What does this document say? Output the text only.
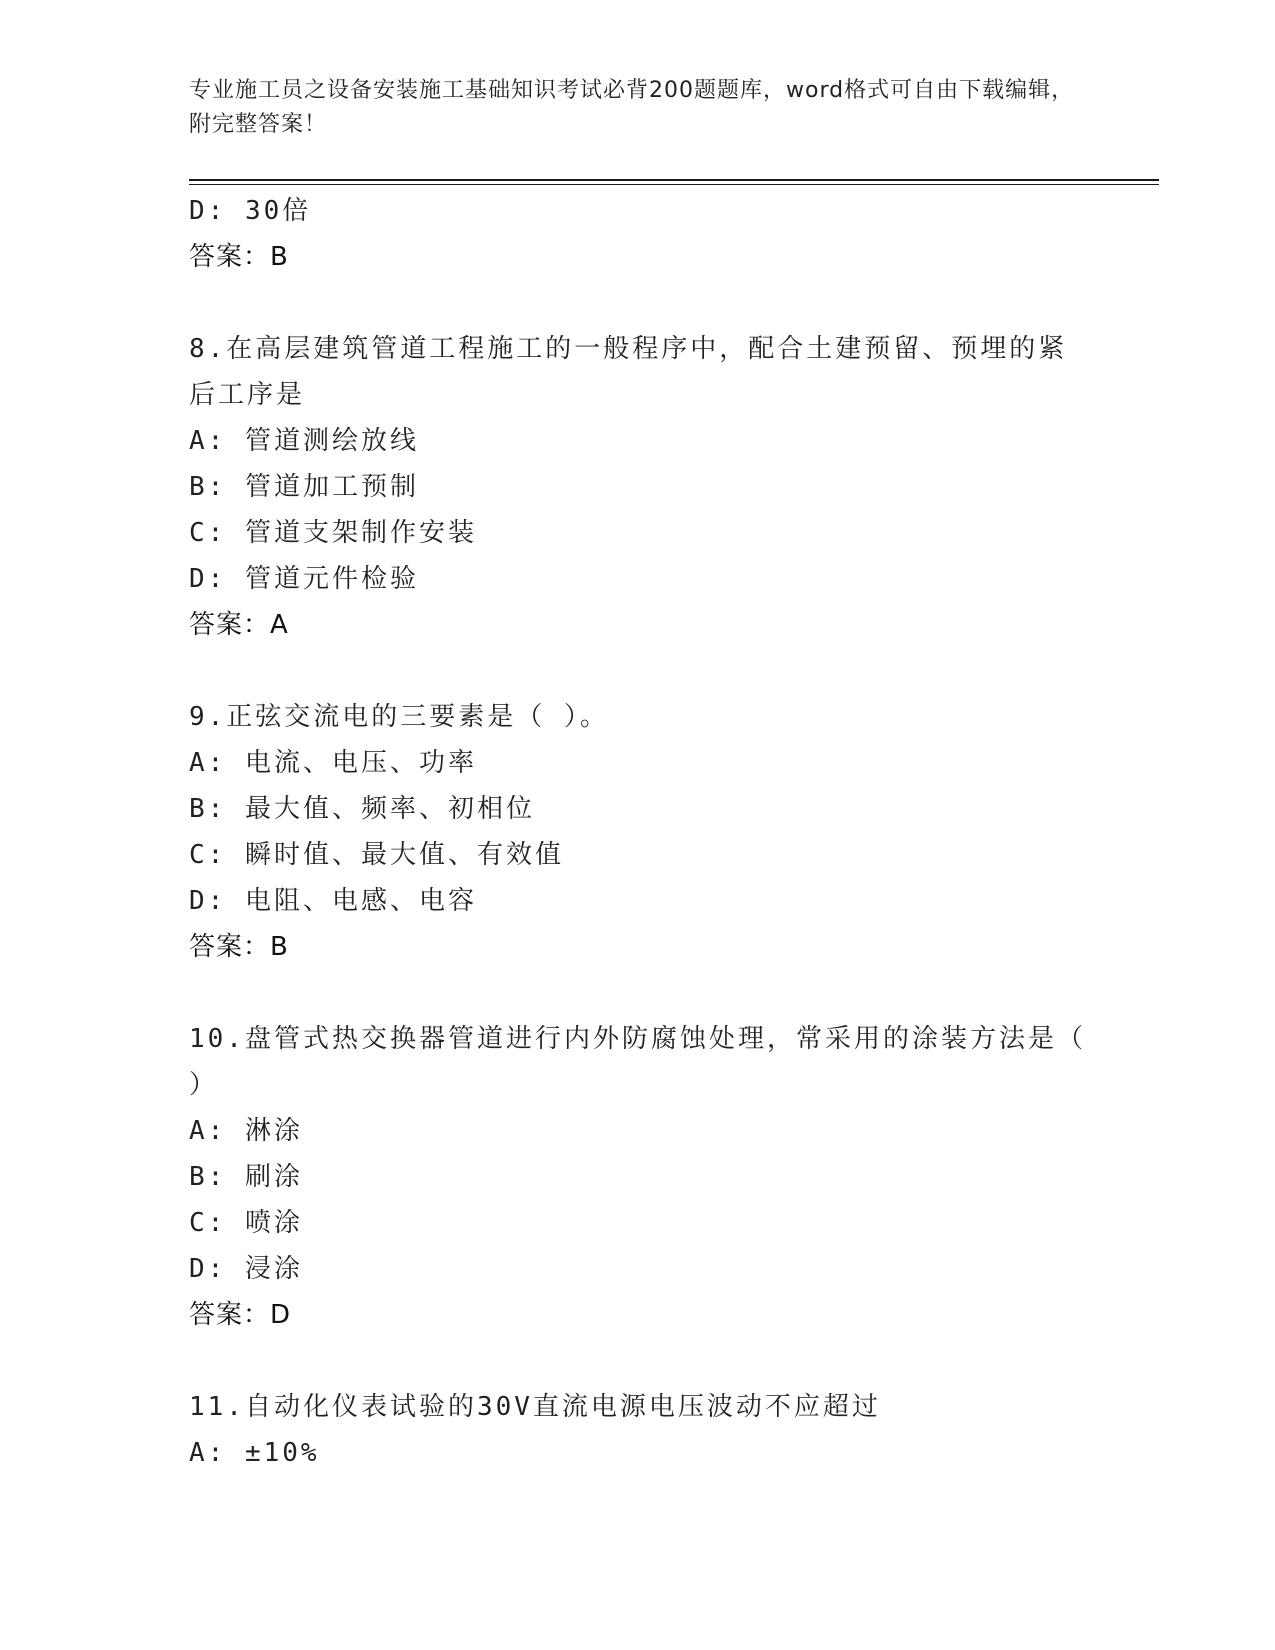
专业施工员之设备安装施工基础知识考试必背200题题库，word格式可自由下载编辑，附完整答案！
D: 30倍
答案：B
8.在高层建筑管道工程施工的一般程序中，配合土建预留、预埋的紧
后工序是
A: 管道测绘放线
B: 管道加工预制
C: 管道支架制作安装
D: 管道元件检验
答案：A
9.正弦交流电的三要素是（ ）。
A: 电流、电压、功率
B: 最大值、频率、初相位
C: 瞬时值、最大值、有效值
D: 电阻、电感、电容
答案：B
10.盘管式热交换器管道进行内外防腐蚀处理，常采用的涂装方法是（
）
A: 淋涂
B: 刷涂
C: 喷涂
D: 浸涂
答案：D
11.自动化仪表试验的30V直流电源电压波动不应超过
A: ±10%
